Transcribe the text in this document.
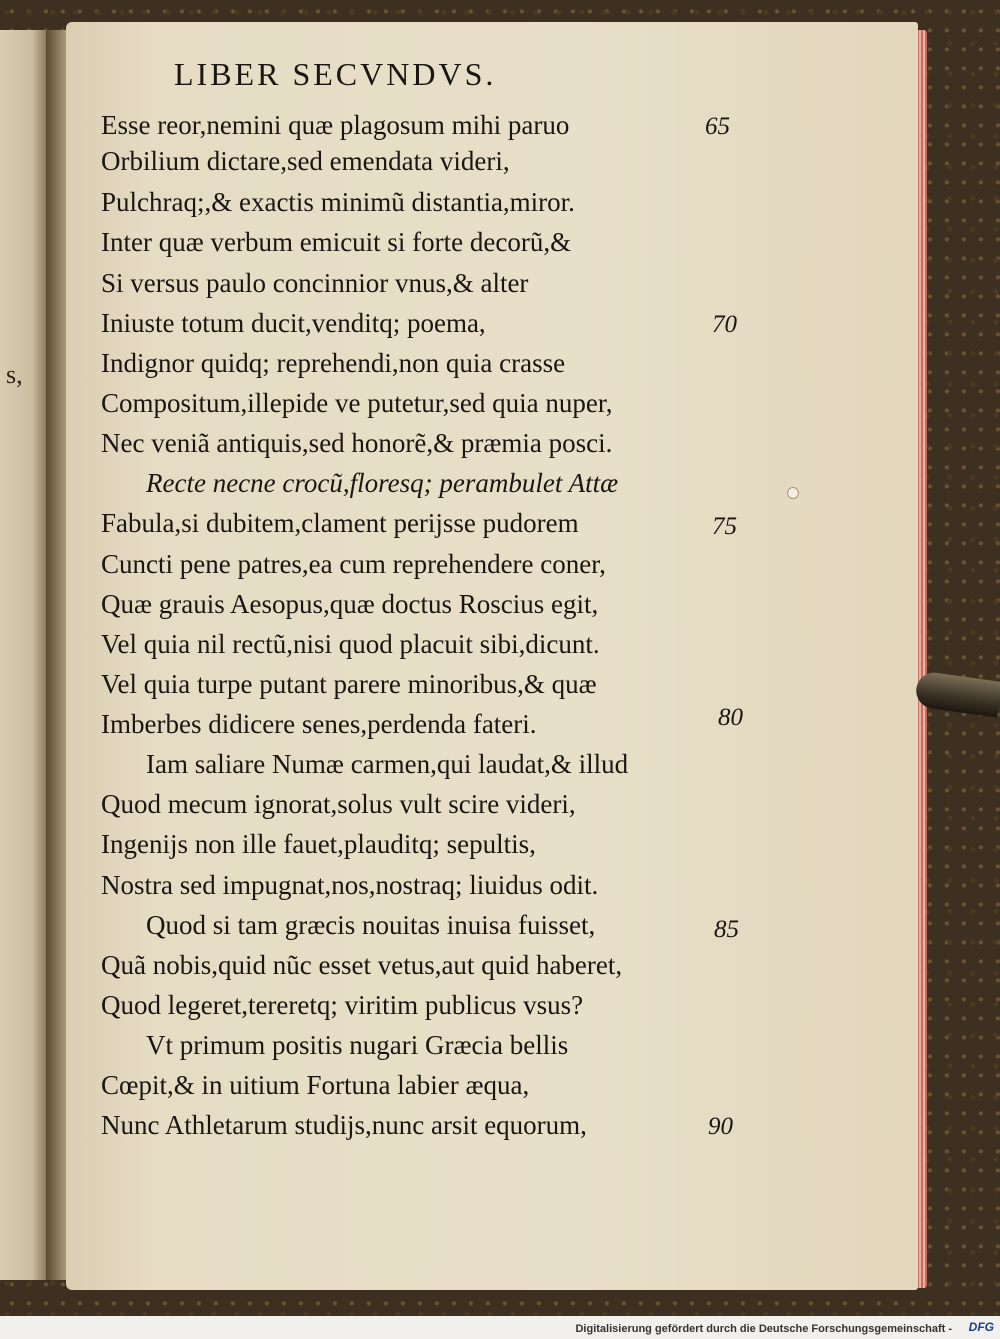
s,
LIBER SECVNDVS.
Esse reor,nemini quæ plagosum mihi paruo
Orbilium dictare,sed emendata videri,
Pulchraq;,& exactis minimũ distantia,miror.
Inter quæ verbum emicuit si forte decorũ,&
Si versus paulo concinnior vnus,& alter
Iniuste totum ducit,venditq; poema,
Indignor quidq; reprehendi,non quia crasse
Compositum,illepide ve putetur,sed quia nuper,
Nec veniã antiquis,sed honorẽ,& præmia posci.
Recte necne crocũ,floresq; perambulet Attæ
Fabula,si dubitem,clament perijsse pudorem
Cuncti pene patres,ea cum reprehendere coner,
Quæ grauis Aesopus,quæ doctus Roscius egit,
Vel quia nil rectũ,nisi quod placuit sibi,dicunt.
Vel quia turpe putant parere minoribus,& quæ
Imberbes didicere senes,perdenda fateri.
Iam saliare Numæ carmen,qui laudat,& illud
Quod mecum ignorat,solus vult scire videri,
Ingenijs non ille fauet,plauditq; sepultis,
Nostra sed impugnat,nos,nostraq; liuidus odit.
Quod si tam græcis nouitas inuisa fuisset,
Quã nobis,quid nũc esset vetus,aut quid haberet,
Quod legeret,tereretq; viritim publicus vsus?
Vt primum positis nugari Græcia bellis
Cœpit,& in uitium Fortuna labier æqua,
Nunc Athletarum studijs,nunc arsit equorum,
65
70
75
80
85
90
Digitalisierung gefördert durch die Deutsche Forschungsgemeinschaft - DFG
